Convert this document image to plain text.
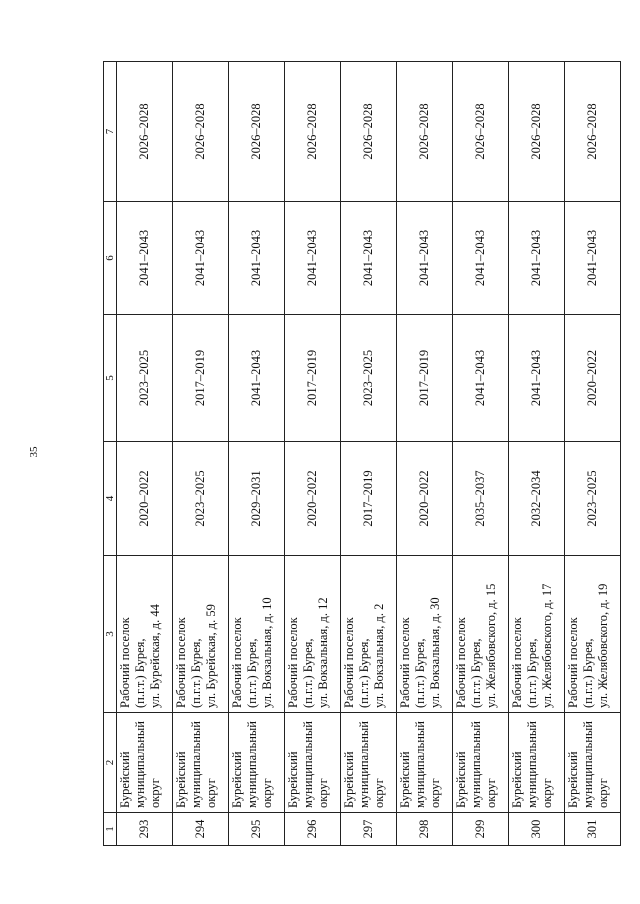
35
1	2	3	4	5	6	7
293	Бурейский муниципальный округ	Рабочий поселок (п.г.т.) Бурея, ул. Бурейская, д. 44	2020–2022	2023–2025	2041–2043	2026–2028
294	Бурейский муниципальный округ	Рабочий поселок (п.г.т.) Бурея, ул. Бурейская, д. 59	2023–2025	2017–2019	2041–2043	2026–2028
295	Бурейский муниципальный округ	Рабочий поселок (п.г.т.) Бурея, ул. Вокзальная, д. 10	2029–2031	2041–2043	2041–2043	2026–2028
296	Бурейский муниципальный округ	Рабочий поселок (п.г.т.) Бурея, ул. Вокзальная, д. 12	2020–2022	2017–2019	2041–2043	2026–2028
297	Бурейский муниципальный округ	Рабочий поселок (п.г.т.) Бурея, ул. Вокзальная, д. 2	2017–2019	2023–2025	2041–2043	2026–2028
298	Бурейский муниципальный округ	Рабочий поселок (п.г.т.) Бурея, ул. Вокзальная, д. 30	2020–2022	2017–2019	2041–2043	2026–2028
299	Бурейский муниципальный округ	Рабочий поселок (п.г.т.) Бурея, ул. Желябовского, д. 15	2035–2037	2041–2043	2041–2043	2026–2028
300	Бурейский муниципальный округ	Рабочий поселок (п.г.т.) Бурея, ул. Желябовского, д. 17	2032–2034	2041–2043	2041–2043	2026–2028
301	Бурейский муниципальный округ	Рабочий поселок (п.г.т.) Бурея, ул. Желябовского, д. 19	2023–2025	2020–2022	2041–2043	2026–2028
